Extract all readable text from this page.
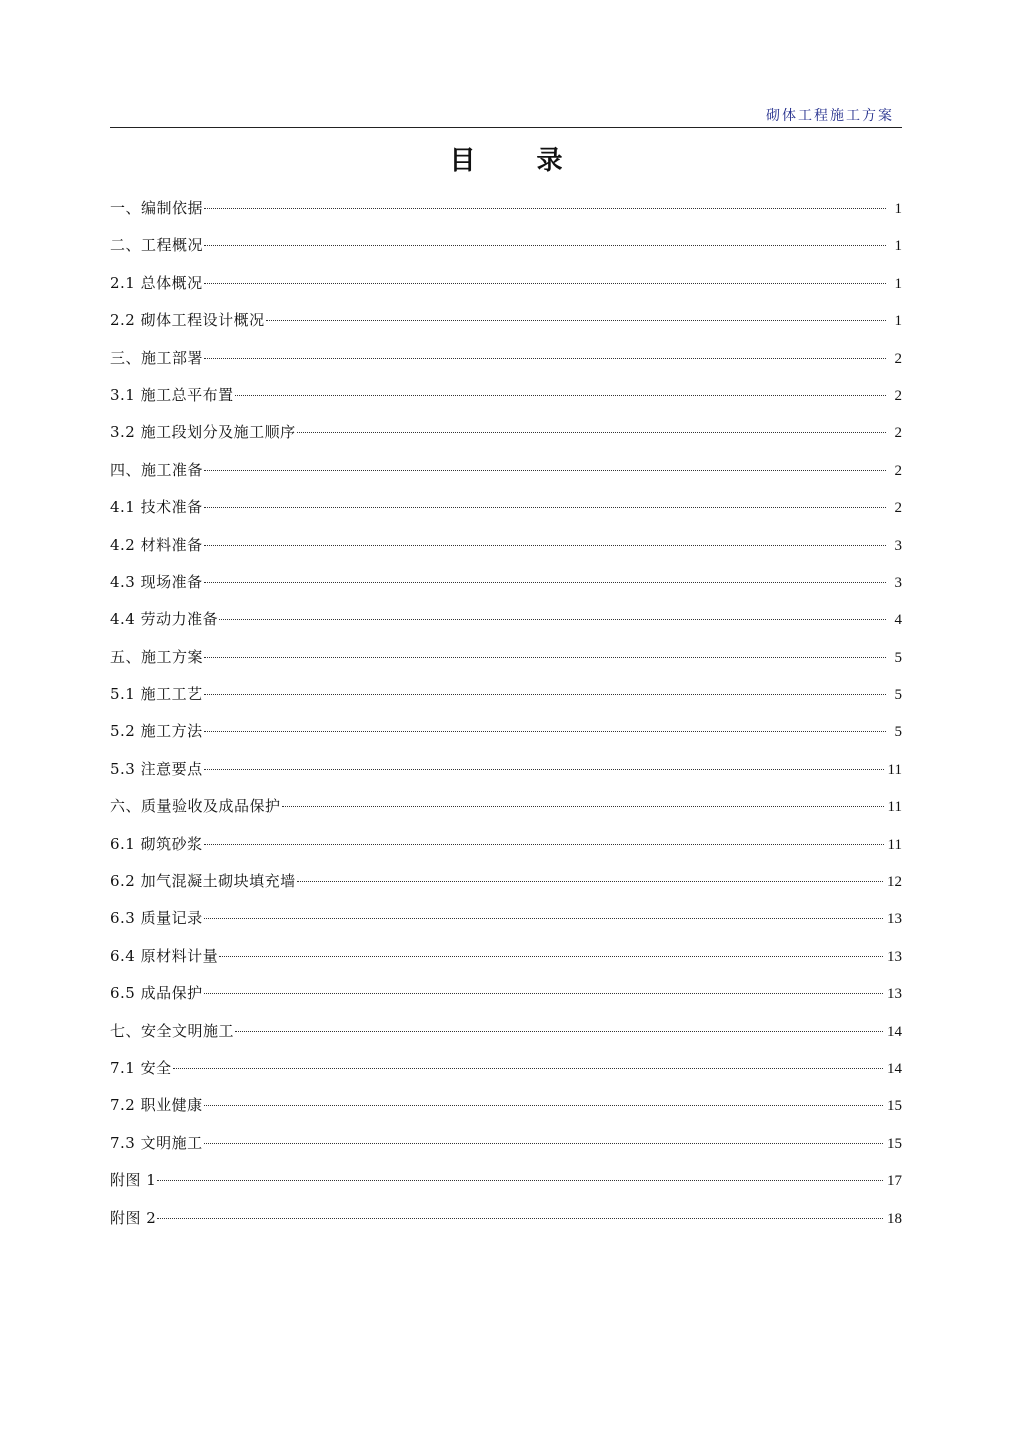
砌体工程施工方案
目 录
一、编制依据	1
二、工程概况	1
2.1 总体概况	1
2.2 砌体工程设计概况	1
三、施工部署	2
3.1 施工总平布置	2
3.2 施工段划分及施工顺序	2
四、施工准备	2
4.1 技术准备	2
4.2 材料准备	3
4.3 现场准备	3
4.4 劳动力准备	4
五、施工方案	5
5.1 施工工艺	5
5.2 施工方法	5
5.3 注意要点	11
六、质量验收及成品保护	11
6.1 砌筑砂浆	11
6.2 加气混凝土砌块填充墙	12
6.3 质量记录	13
6.4 原材料计量	13
6.5 成品保护	13
七、安全文明施工	14
7.1 安全	14
7.2 职业健康	15
7.3 文明施工	15
附图 1	17
附图 2	18
